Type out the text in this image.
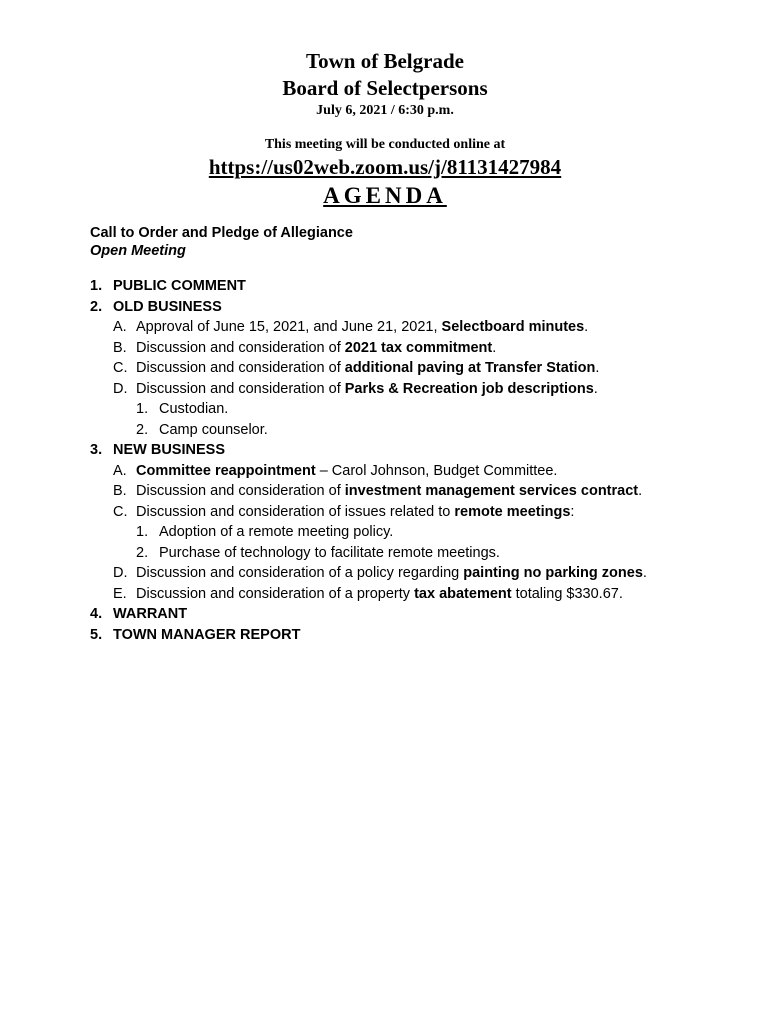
Town of Belgrade
Board of Selectpersons

July 6, 2021 / 6:30 p.m.

This meeting will be conducted online at

https://us02web.zoom.us/j/81131427984

AGENDA

Call to Order and Pledge of Allegiance

Open Meeting

1. PUBLIC COMMENT
2. OLD BUSINESS
A. Approval of June 15, 2021, and June 21, 2021, Selectboard minutes.
B. Discussion and consideration of 2021 tax commitment.
C. Discussion and consideration of additional paving at Transfer Station.
D. Discussion and consideration of Parks & Recreation job descriptions.
1. Custodian.
2. Camp counselor.
3. NEW BUSINESS
A. Committee reappointment – Carol Johnson, Budget Committee.
B. Discussion and consideration of investment management services contract.
C. Discussion and consideration of issues related to remote meetings:
1. Adoption of a remote meeting policy.
2. Purchase of technology to facilitate remote meetings.
D. Discussion and consideration of a policy regarding painting no parking zones.
E. Discussion and consideration of a property tax abatement totaling $330.67.
4. WARRANT
5. TOWN MANAGER REPORT
